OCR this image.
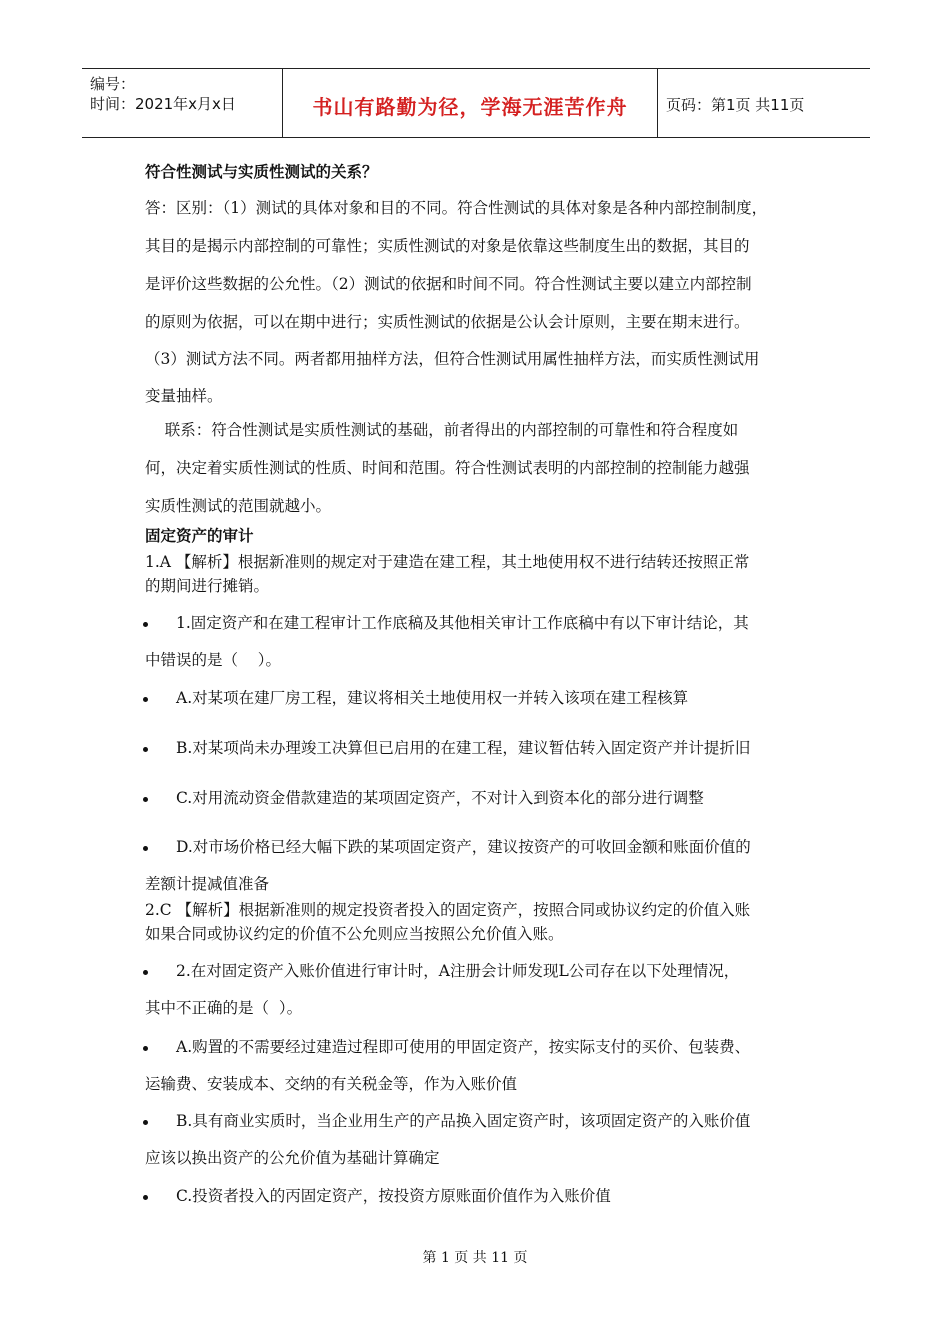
编号：
时间：2021年x月x日	书山有路勤为径，学海无涯苦作舟	页码：第1页 共11页
符合性测试与实质性测试的关系？
答：区别：（1）测试的具体对象和目的不同。符合性测试的具体对象是各种内部控制制度，
其目的是揭示内部控制的可靠性；实质性测试的对象是依靠这些制度生出的数据，其目的
是评价这些数据的公允性。（2）测试的依据和时间不同。符合性测试主要以建立内部控制
的原则为依据，可以在期中进行；实质性测试的依据是公认会计原则，主要在期末进行。
（3）测试方法不同。两者都用抽样方法，但符合性测试用属性抽样方法，而实质性测试用
变量抽样。
联系：符合性测试是实质性测试的基础，前者得出的内部控制的可靠性和符合程度如
何，决定着实质性测试的性质、时间和范围。符合性测试表明的内部控制的控制能力越强
实质性测试的范围就越小。
固定资产的审计
1.A 【解析】根据新准则的规定对于建造在建工程，其土地使用权不进行结转还按照正常
的期间进行摊销。
1.固定资产和在建工程审计工作底稿及其他相关审计工作底稿中有以下审计结论，其
中错误的是（    ）。
A.对某项在建厂房工程，建议将相关土地使用权一并转入该项在建工程核算
B.对某项尚未办理竣工决算但已启用的在建工程，建议暂估转入固定资产并计提折旧
C.对用流动资金借款建造的某项固定资产，不对计入到资本化的部分进行调整
D.对市场价格已经大幅下跌的某项固定资产，建议按资产的可收回金额和账面价值的
差额计提减值准备
2.C 【解析】根据新准则的规定投资者投入的固定资产，按照合同或协议约定的价值入账
如果合同或协议约定的价值不公允则应当按照公允价值入账。
2.在对固定资产入账价值进行审计时，A注册会计师发现L公司存在以下处理情况，
其中不正确的是（  ）。
A.购置的不需要经过建造过程即可使用的甲固定资产，按实际支付的买价、包装费、
运输费、安装成本、交纳的有关税金等，作为入账价值
B.具有商业实质时，当企业用生产的产品换入固定资产时，该项固定资产的入账价值
应该以换出资产的公允价值为基础计算确定
C.投资者投入的丙固定资产，按投资方原账面价值作为入账价值
第 1 页 共 11 页
